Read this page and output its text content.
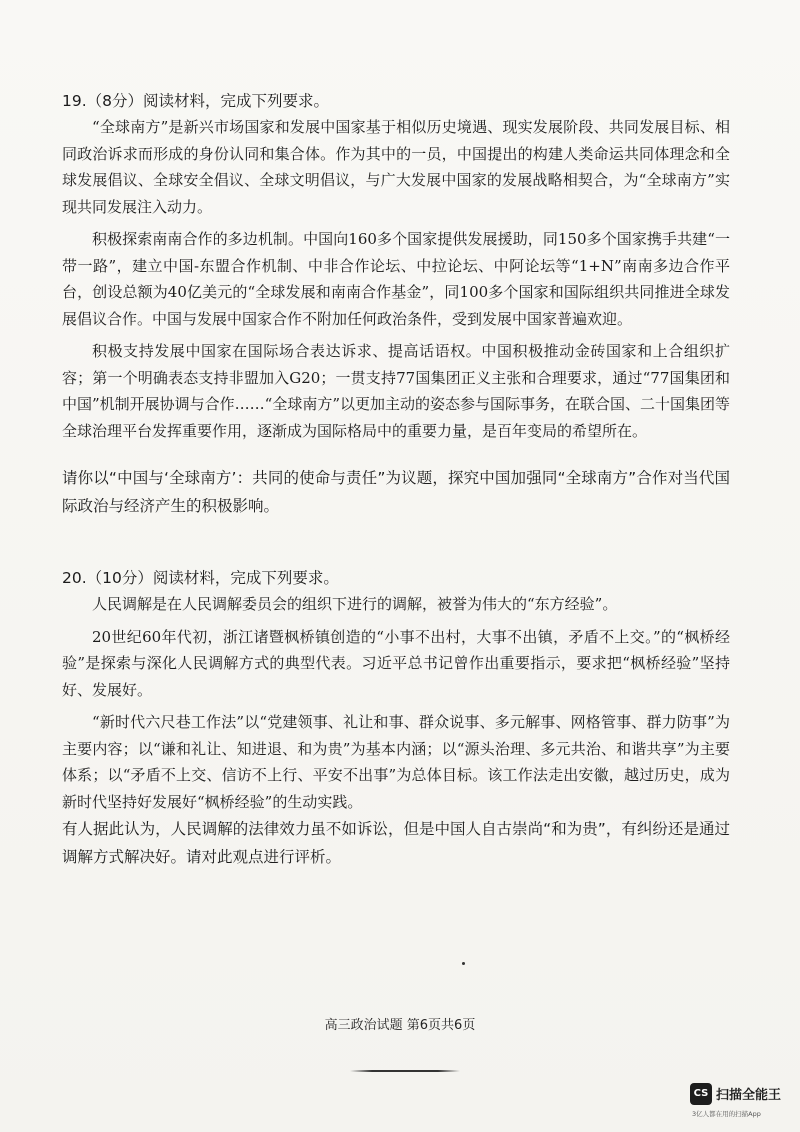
19.（8分）阅读材料，完成下列要求。

“全球南方”是新兴市场国家和发展中国家基于相似历史境遇、现实发展阶段、共同发展目标、相同政治诉求而形成的身份认同和集合体。作为其中的一员，中国提出的构建人类命运共同体理念和全球发展倡议、全球安全倡议、全球文明倡议，与广大发展中国家的发展战略相契合，为“全球南方”实现共同发展注入动力。

积极探索南南合作的多边机制。中国向160多个国家提供发展援助，同150多个国家携手共建“一带一路”，建立中国-东盟合作机制、中非合作论坛、中拉论坛、中阿论坛等“1+N”南南多边合作平台，创设总额为40亿美元的“全球发展和南南合作基金”，同100多个国家和国际组织共同推进全球发展倡议合作。中国与发展中国家合作不附加任何政治条件，受到发展中国家普遍欢迎。

积极支持发展中国家在国际场合表达诉求、提高话语权。中国积极推动金砖国家和上合组织扩容；第一个明确表态支持非盟加入G20；一贯支持77国集团正义主张和合理要求，通过“77国集团和中国”机制开展协调与合作……“全球南方”以更加主动的姿态参与国际事务，在联合国、二十国集团等全球治理平台发挥重要作用，逐渐成为国际格局中的重要力量，是百年变局的希望所在。

请你以“中国与‘全球南方’：共同的使命与责任”为议题，探究中国加强同“全球南方”合作对当代国际政治与经济产生的积极影响。

20.（10分）阅读材料，完成下列要求。

人民调解是在人民调解委员会的组织下进行的调解，被誉为伟大的“东方经验”。

20世纪60年代初，浙江诸暨枫桥镇创造的“小事不出村，大事不出镇，矛盾不上交。”的“枫桥经验”是探索与深化人民调解方式的典型代表。习近平总书记曾作出重要指示，要求把“枫桥经验”坚持好、发展好。

“新时代六尺巷工作法”以“党建领事、礼让和事、群众说事、多元解事、网格管事、群力防事”为主要内容；以“谦和礼让、知进退、和为贵”为基本内涵；以“源头治理、多元共治、和谐共享”为主要体系；以“矛盾不上交、信访不上行、平安不出事”为总体目标。该工作法走出安徽，越过历史，成为新时代坚持好发展好“枫桥经验”的生动实践。

有人据此认为，人民调解的法律效力虽不如诉讼，但是中国人自古崇尚“和为贵”，有纠纷还是通过调解方式解决好。请对此观点进行评析。

高三政治试题 第6页共6页
CS 扫描全能王
3亿人都在用的扫描App
